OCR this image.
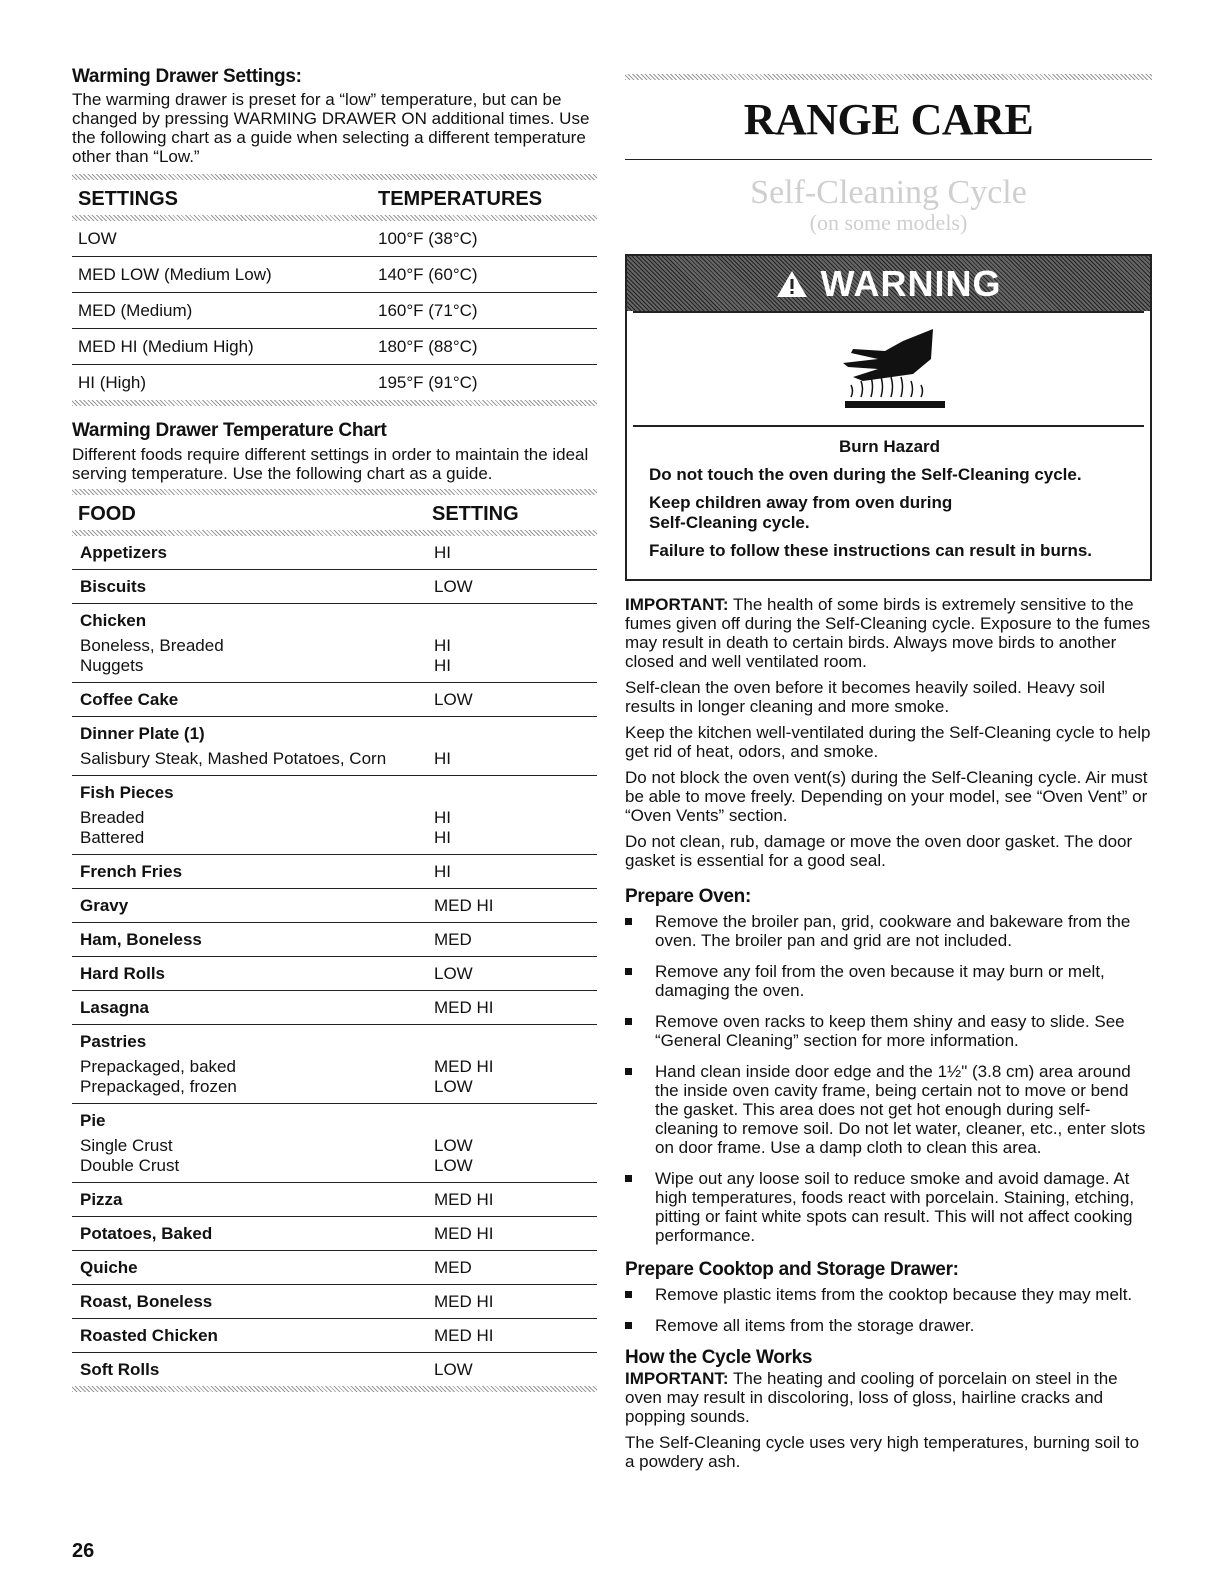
Warming Drawer Settings:

The warming drawer is preset for a “low” temperature, but can be changed by pressing WARMING DRAWER ON additional times. Use the following chart as a guide when selecting a different temperature other than “Low.”

SETTINGS	TEMPERATURES
LOW	100°F (38°C)
MED LOW (Medium Low)	140°F (60°C)
MED (Medium)	160°F (71°C)
MED HI (Medium High)	180°F (88°C)
HI (High)	195°F (91°C)
Warming Drawer Temperature Chart

Different foods require different settings in order to maintain the ideal serving temperature. Use the following chart as a guide.

FOOD	SETTING
Appetizers	HI
Biscuits	LOW
Chicken
Boneless, Breaded	HI
Nuggets	HI
Coffee Cake	LOW
Dinner Plate (1)
Salisbury Steak, Mashed Potatoes, Corn	HI
Fish Pieces
Breaded	HI
Battered	HI
French Fries	HI
Gravy	MED HI
Ham, Boneless	MED
Hard Rolls	LOW
Lasagna	MED HI
Pastries
Prepackaged, baked	MED HI
Prepackaged, frozen	LOW
Pie
Single Crust	LOW
Double Crust	LOW
Pizza	MED HI
Potatoes, Baked	MED HI
Quiche	MED
Roast, Boneless	MED HI
Roasted Chicken	MED HI
Soft Rolls	LOW
26
RANGE CARE
Self-Cleaning Cycle
(on some models)
WARNING
Burn Hazard
Do not touch the oven during the Self-Cleaning cycle.
Keep children away from oven during Self-Cleaning cycle.
Failure to follow these instructions can result in burns.

IMPORTANT: The health of some birds is extremely sensitive to the fumes given off during the Self-Cleaning cycle. Exposure to the fumes may result in death to certain birds. Always move birds to another closed and well ventilated room.

Self-clean the oven before it becomes heavily soiled. Heavy soil results in longer cleaning and more smoke.

Keep the kitchen well-ventilated during the Self-Cleaning cycle to help get rid of heat, odors, and smoke.

Do not block the oven vent(s) during the Self-Cleaning cycle. Air must be able to move freely. Depending on your model, see “Oven Vent” or “Oven Vents” section.

Do not clean, rub, damage or move the oven door gasket. The door gasket is essential for a good seal.

Prepare Oven:
Remove the broiler pan, grid, cookware and bakeware from the oven. The broiler pan and grid are not included.
Remove any foil from the oven because it may burn or melt, damaging the oven.
Remove oven racks to keep them shiny and easy to slide. See “General Cleaning” section for more information.
Hand clean inside door edge and the 1½" (3.8 cm) area around the inside oven cavity frame, being certain not to move or bend the gasket. This area does not get hot enough during self-cleaning to remove soil. Do not let water, cleaner, etc., enter slots on door frame. Use a damp cloth to clean this area.
Wipe out any loose soil to reduce smoke and avoid damage. At high temperatures, foods react with porcelain. Staining, etching, pitting or faint white spots can result. This will not affect cooking performance.
Prepare Cooktop and Storage Drawer:
Remove plastic items from the cooktop because they may melt.
Remove all items from the storage drawer.
How the Cycle Works

IMPORTANT: The heating and cooling of porcelain on steel in the oven may result in discoloring, loss of gloss, hairline cracks and popping sounds.

The Self-Cleaning cycle uses very high temperatures, burning soil to a powdery ash.
